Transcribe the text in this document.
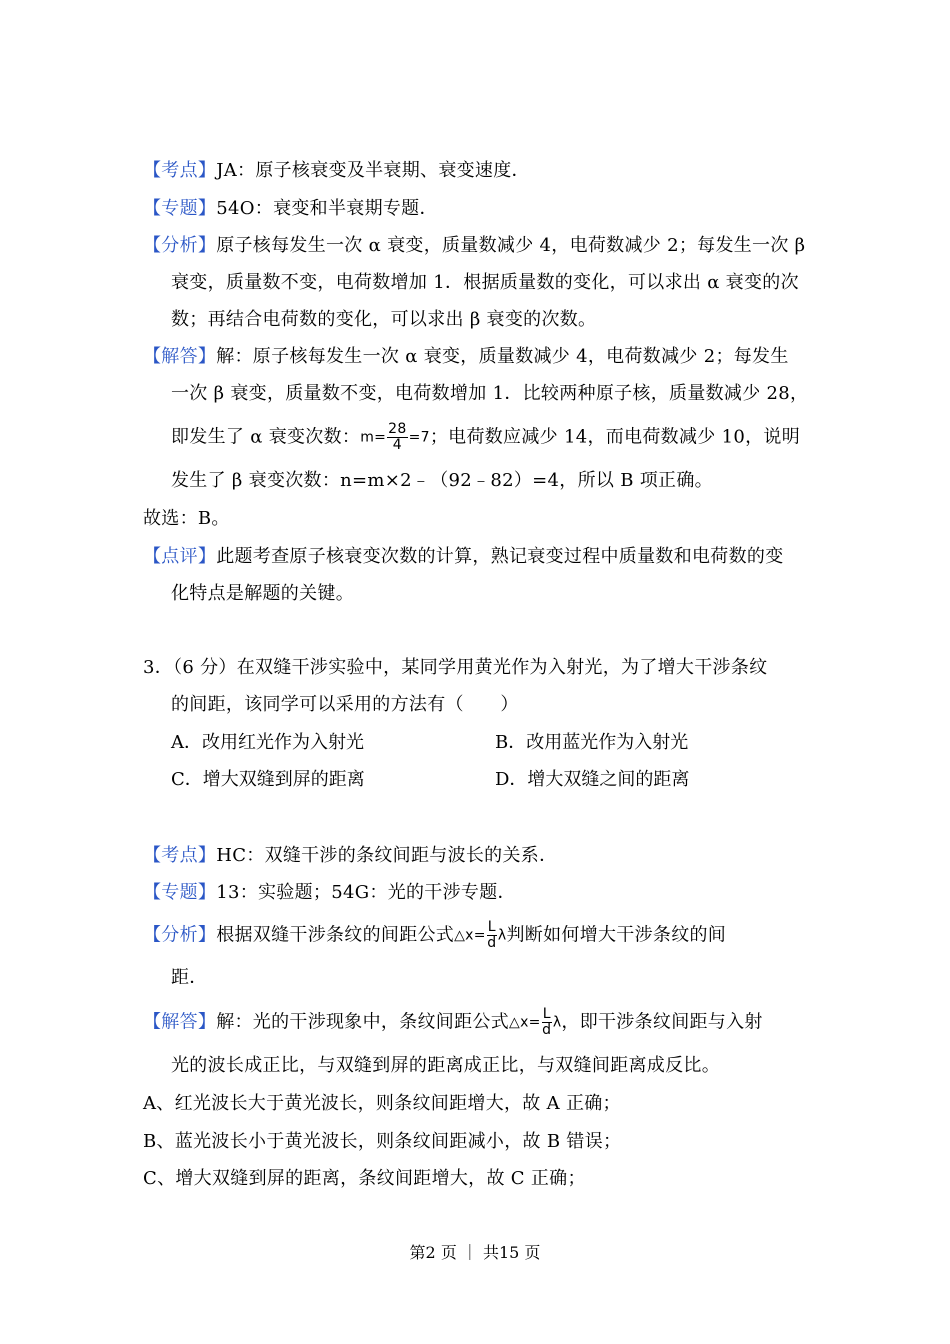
【考点】JA：原子核衰变及半衰期、衰变速度．
【专题】54O：衰变和半衰期专题．
【分析】原子核每发生一次 α 衰变，质量数减少 4，电荷数减少 2；每发生一次 β
衰变，质量数不变，电荷数增加 1．根据质量数的变化，可以求出 α 衰变的次
数；再结合电荷数的变化，可以求出 β 衰变的次数。
【解答】解：原子核每发生一次 α 衰变，质量数减少 4，电荷数减少 2；每发生
一次 β 衰变，质量数不变，电荷数增加 1．比较两种原子核，质量数减少 28，
即发生了 α 衰变次数：$m= \frac{28}{4} =7$；电荷数应减少 14，而电荷数减少 10，说明
发生了 β 衰变次数：n=m×2﹣（92﹣82）=4，所以 B 项正确。
故选：B。
【点评】此题考查原子核衰变次数的计算，熟记衰变过程中质量数和电荷数的变
化特点是解题的关键。
3．（6 分）在双缝干涉实验中，某同学用黄光作为入射光，为了增大干涉条纹
的间距，该同学可以采用的方法有（　　）
A．改用红光作为入射光	B．改用蓝光作为入射光
C．增大双缝到屏的距离	D．增大双缝之间的距离
【考点】HC：双缝干涉的条纹间距与波长的关系．
【专题】13：实验题；54G：光的干涉专题．
【分析】根据双缝干涉条纹的间距公式△x= $\frac{L}{d}$ λ判断如何增大干涉条纹的间
距．
【解答】解：光的干涉现象中，条纹间距公式△x= $\frac{L}{d}$ λ，即干涉条纹间距与入射
光的波长成正比，与双缝到屏的距离成正比，与双缝间距离成反比。
A、红光波长大于黄光波长，则条纹间距增大，故 A 正确；
B、蓝光波长小于黄光波长，则条纹间距减小，故 B 错误；
C、增大双缝到屏的距离，条纹间距增大，故 C 正确；
第2 页 ｜ 共15 页
